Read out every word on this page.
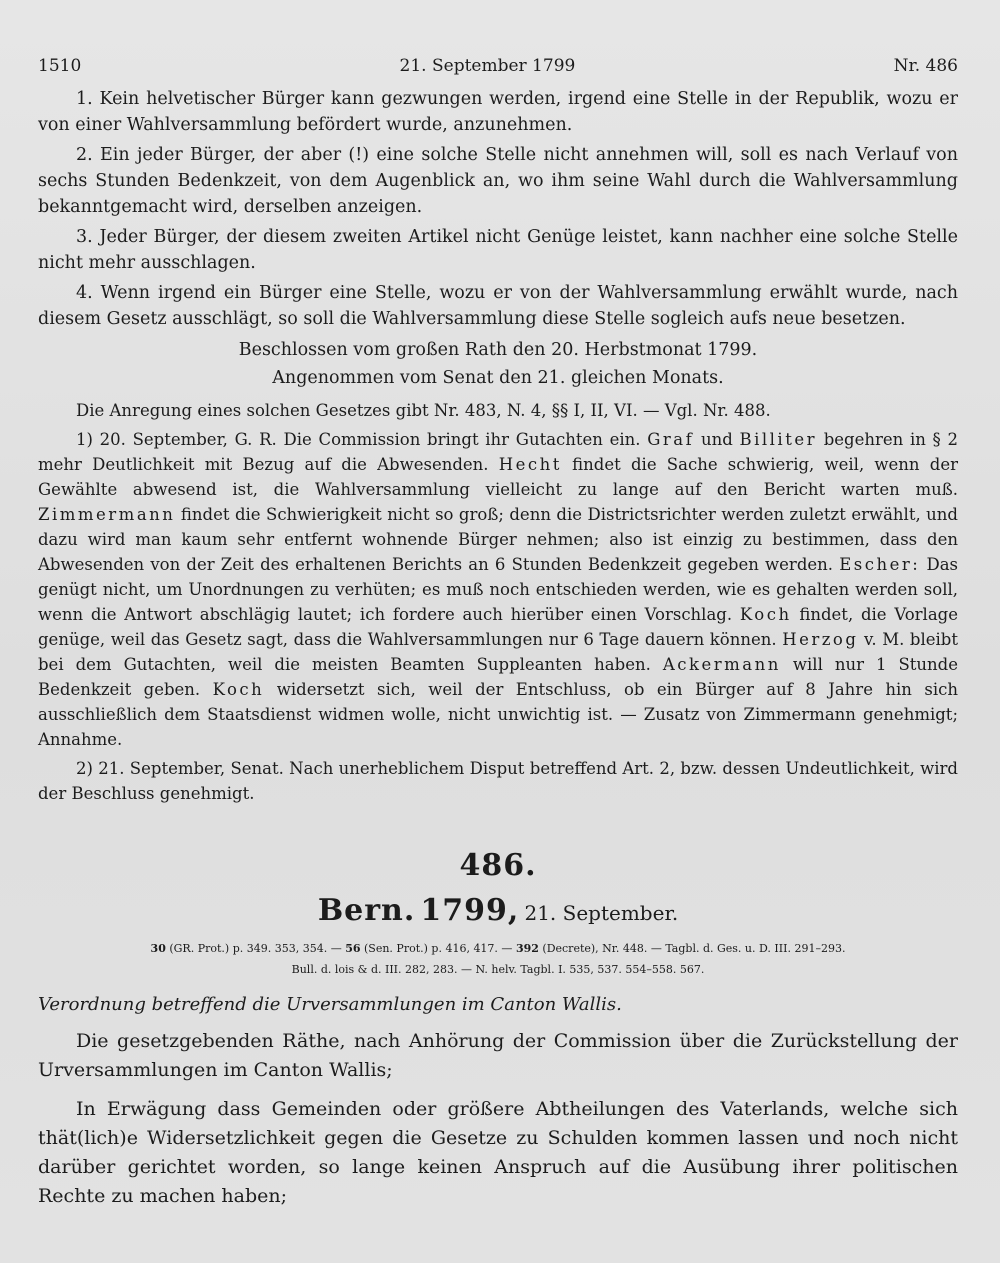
1510	21. September 1799	Nr. 486

1. Kein helvetischer Bürger kann gezwungen werden, irgend eine Stelle in der Republik, wozu er von einer Wahlversammlung befördert wurde, anzunehmen.

2. Ein jeder Bürger, der aber (!) eine solche Stelle nicht annehmen will, soll es nach Verlauf von sechs Stunden Bedenkzeit, von dem Augenblick an, wo ihm seine Wahl durch die Wahlversammlung bekanntgemacht wird, derselben anzeigen.

3. Jeder Bürger, der diesem zweiten Artikel nicht Genüge leistet, kann nachher eine solche Stelle nicht mehr ausschlagen.

4. Wenn irgend ein Bürger eine Stelle, wozu er von der Wahlversammlung erwählt wurde, nach diesem Gesetz ausschlägt, so soll die Wahlversammlung diese Stelle sogleich aufs neue besetzen.

Beschlossen vom großen Rath den 20. Herbstmonat 1799.

Angenommen vom Senat den 21. gleichen Monats.

Die Anregung eines solchen Gesetzes gibt Nr. 483, N. 4, §§ I, II, VI. — Vgl. Nr. 488.

1) 20. September, G. R. Die Commission bringt ihr Gutachten ein. Graf und Billiter begehren in § 2 mehr Deutlichkeit mit Bezug auf die Abwesenden. Hecht findet die Sache schwierig, weil, wenn der Gewählte abwesend ist, die Wahlversammlung vielleicht zu lange auf den Bericht warten muß. Zimmermann findet die Schwierigkeit nicht so groß; denn die Districtsrichter werden zuletzt erwählt, und dazu wird man kaum sehr entfernt wohnende Bürger nehmen; also ist einzig zu bestimmen, dass den Abwesenden von der Zeit des erhaltenen Berichts an 6 Stunden Bedenkzeit gegeben werden. Escher: Das genügt nicht, um Unordnungen zu verhüten; es muß noch entschieden werden, wie es gehalten werden soll, wenn die Antwort abschlägig lautet; ich fordere auch hierüber einen Vorschlag. Koch findet, die Vorlage genüge, weil das Gesetz sagt, dass die Wahlversammlungen nur 6 Tage dauern können. Herzog v. M. bleibt bei dem Gutachten, weil die meisten Beamten Suppleanten haben. Ackermann will nur 1 Stunde Bedenkzeit geben. Koch widersetzt sich, weil der Entschluss, ob ein Bürger auf 8 Jahre hin sich ausschließlich dem Staatsdienst widmen wolle, nicht unwichtig ist. — Zusatz von Zimmermann genehmigt; Annahme.

2) 21. September, Senat. Nach unerheblichem Disput betreffend Art. 2, bzw. dessen Undeutlichkeit, wird der Beschluss genehmigt.

486.
Bern. 1799, 21. September.

30 (GR. Prot.) p. 349. 353, 354. — 56 (Sen. Prot.) p. 416, 417. — 392 (Decrete), Nr. 448. — Tagbl. d. Ges. u. D. III. 291–293.

Bull. d. lois & d. III. 282, 283. — N. helv. Tagbl. I. 535, 537. 554–558. 567.

Verordnung betreffend die Urversammlungen im Canton Wallis.

Die gesetzgebenden Räthe, nach Anhörung der Commission über die Zurückstellung der Urversammlungen im Canton Wallis;

In Erwägung dass Gemeinden oder größere Abtheilungen des Vaterlands, welche sich thät(lich)e Widersetzlichkeit gegen die Gesetze zu Schulden kommen lassen und noch nicht darüber gerichtet worden, so lange keinen Anspruch auf die Ausübung ihrer politischen Rechte zu machen haben;
